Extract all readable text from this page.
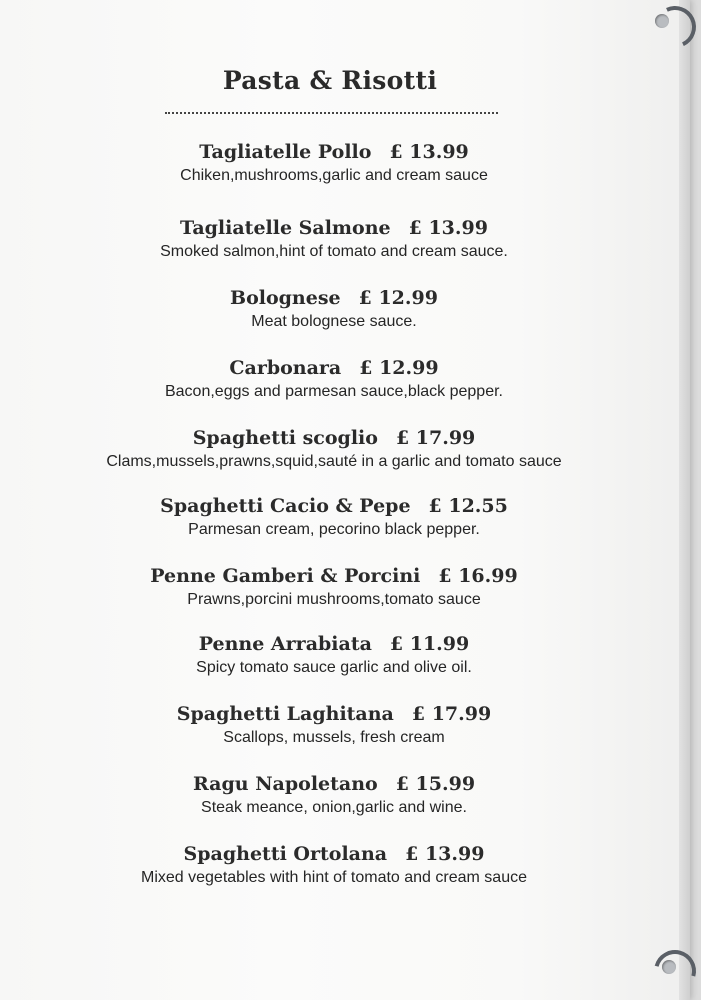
Pasta & Risotti
Tagliatelle Pollo £ 13.99
Chiken,mushrooms,garlic and cream sauce
Tagliatelle Salmone £ 13.99
Smoked salmon,hint of tomato and cream sauce.
Bolognese £ 12.99
Meat bolognese sauce.
Carbonara £ 12.99
Bacon,eggs and parmesan sauce,black pepper.
Spaghetti scoglio £ 17.99
Clams,mussels,prawns,squid,sauté in a garlic and tomato sauce
Spaghetti Cacio & Pepe £ 12.55
Parmesan cream, pecorino black pepper.
Penne Gamberi & Porcini £ 16.99
Prawns,porcini mushrooms,tomato sauce
Penne Arrabiata £ 11.99
Spicy tomato sauce garlic and olive oil.
Spaghetti Laghitana £ 17.99
Scallops, mussels, fresh cream
Ragu Napoletano £ 15.99
Steak meance, onion,garlic and wine.
Spaghetti Ortolana £ 13.99
Mixed vegetables with hint of tomato and cream sauce
